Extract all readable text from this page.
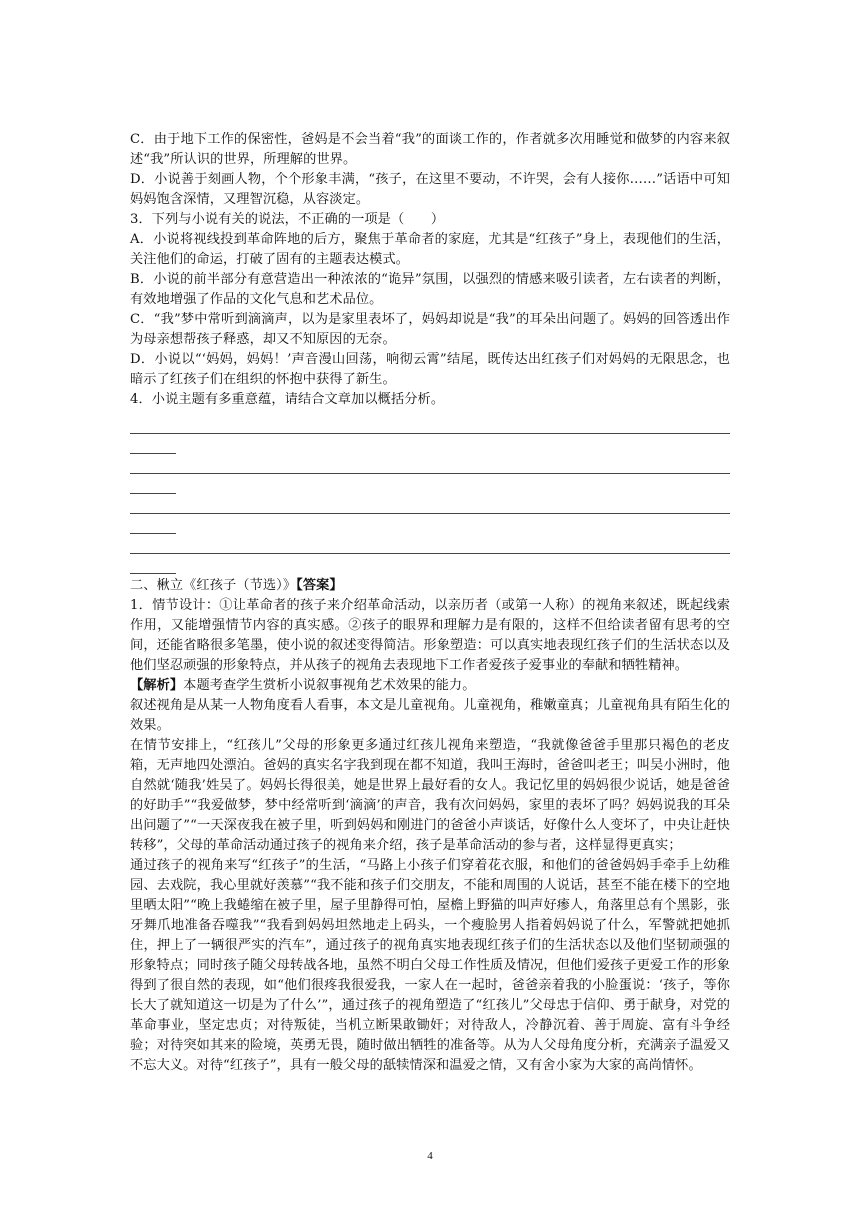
C．由于地下工作的保密性，爸妈是不会当着“我”的面谈工作的，作者就多次用睡觉和做梦的内容来叙述“我”所认识的世界，所理解的世界。

D．小说善于刻画人物，个个形象丰满，“孩子，在这里不要动，不许哭，会有人接你……”话语中可知妈妈饱含深情，又理智沉稳，从容淡定。

3．下列与小说有关的说法，不正确的一项是（　　）

A．小说将视线投到革命阵地的后方，聚焦于革命者的家庭，尤其是“红孩子”身上，表现他们的生活，关注他们的命运，打破了固有的主题表达模式。

B．小说的前半部分有意营造出一种浓浓的“诡异”氛围，以强烈的情感来吸引读者，左右读者的判断，有效地增强了作品的文化气息和艺术品位。

C．“我”梦中常听到滴滴声，以为是家里表坏了，妈妈却说是“我”的耳朵出问题了。妈妈的回答透出作为母亲想帮孩子释惑，却又不知原因的无奈。

D．小说以“‘妈妈，妈妈！’声音漫山回荡，响彻云霄”结尾，既传达出红孩子们对妈妈的无限思念，也暗示了红孩子们在组织的怀抱中获得了新生。

4．小说主题有多重意蕴，请结合文章加以概括分析。

二、楸立《红孩子（节选）》【答案】

1．情节设计：①让革命者的孩子来介绍革命活动，以亲历者（或第一人称）的视角来叙述，既起线索作用，又能增强情节内容的真实感。②孩子的眼界和理解力是有限的，这样不但给读者留有思考的空间，还能省略很多笔墨，使小说的叙述变得简洁。形象塑造：可以真实地表现红孩子们的生活状态以及他们坚忍顽强的形象特点，并从孩子的视角去表现地下工作者爱孩子爱事业的奉献和牺牲精神。

【解析】本题考查学生赏析小说叙事视角艺术效果的能力。

叙述视角是从某一人物角度看人看事，本文是儿童视角。儿童视角，稚嫩童真；儿童视角具有陌生化的效果。

在情节安排上，“红孩儿”父母的形象更多通过红孩儿视角来塑造，“我就像爸爸手里那只褐色的老皮箱，无声地四处漂泊。爸妈的真实名字我到现在都不知道，我叫王海时，爸爸叫老王；叫吴小洲时，他自然就‘随我’姓吴了。妈妈长得很美，她是世界上最好看的女人。我记忆里的妈妈很少说话，她是爸爸的好助手”“我爱做梦，梦中经常听到‘滴滴’的声音，我有次问妈妈，家里的表坏了吗？妈妈说我的耳朵出问题了”“一天深夜我在被子里，听到妈妈和刚进门的爸爸小声谈话，好像什么人变坏了，中央让赶快转移”，父母的革命活动通过孩子的视角来介绍，孩子是革命活动的参与者，这样显得更真实；

通过孩子的视角来写“红孩子”的生活，“马路上小孩子们穿着花衣服，和他们的爸爸妈妈手牵手上幼稚园、去戏院，我心里就好羡慕”“我不能和孩子们交朋友，不能和周围的人说话，甚至不能在楼下的空地里晒太阳”“晚上我蜷缩在被子里，屋子里静得可怕，屋檐上野猫的叫声好瘆人，角落里总有个黑影，张牙舞爪地准备吞噬我”“我看到妈妈坦然地走上码头，一个瘦脸男人指着妈妈说了什么，军警就把她抓住，押上了一辆很严实的汽车”，通过孩子的视角真实地表现红孩子们的生活状态以及他们坚韧顽强的形象特点；同时孩子随父母转战各地，虽然不明白父母工作性质及情况，但他们爱孩子更爱工作的形象得到了很自然的表现，如“他们很疼我很爱我，一家人在一起时，爸爸亲着我的小脸蛋说：‘孩子，等你长大了就知道这一切是为了什么’”，通过孩子的视角塑造了“红孩儿”父母忠于信仰、勇于献身，对党的革命事业，坚定忠贞；对待叛徒，当机立断果敢锄奸；对待敌人，冷静沉着、善于周旋、富有斗争经验；对待突如其来的险境，英勇无畏，随时做出牺牲的准备等。从为人父母角度分析，充满亲子温爱又不忘大义。对待“红孩子”，具有一般父母的舐犊情深和温爱之情，又有舍小家为大家的高尚情怀。

4
